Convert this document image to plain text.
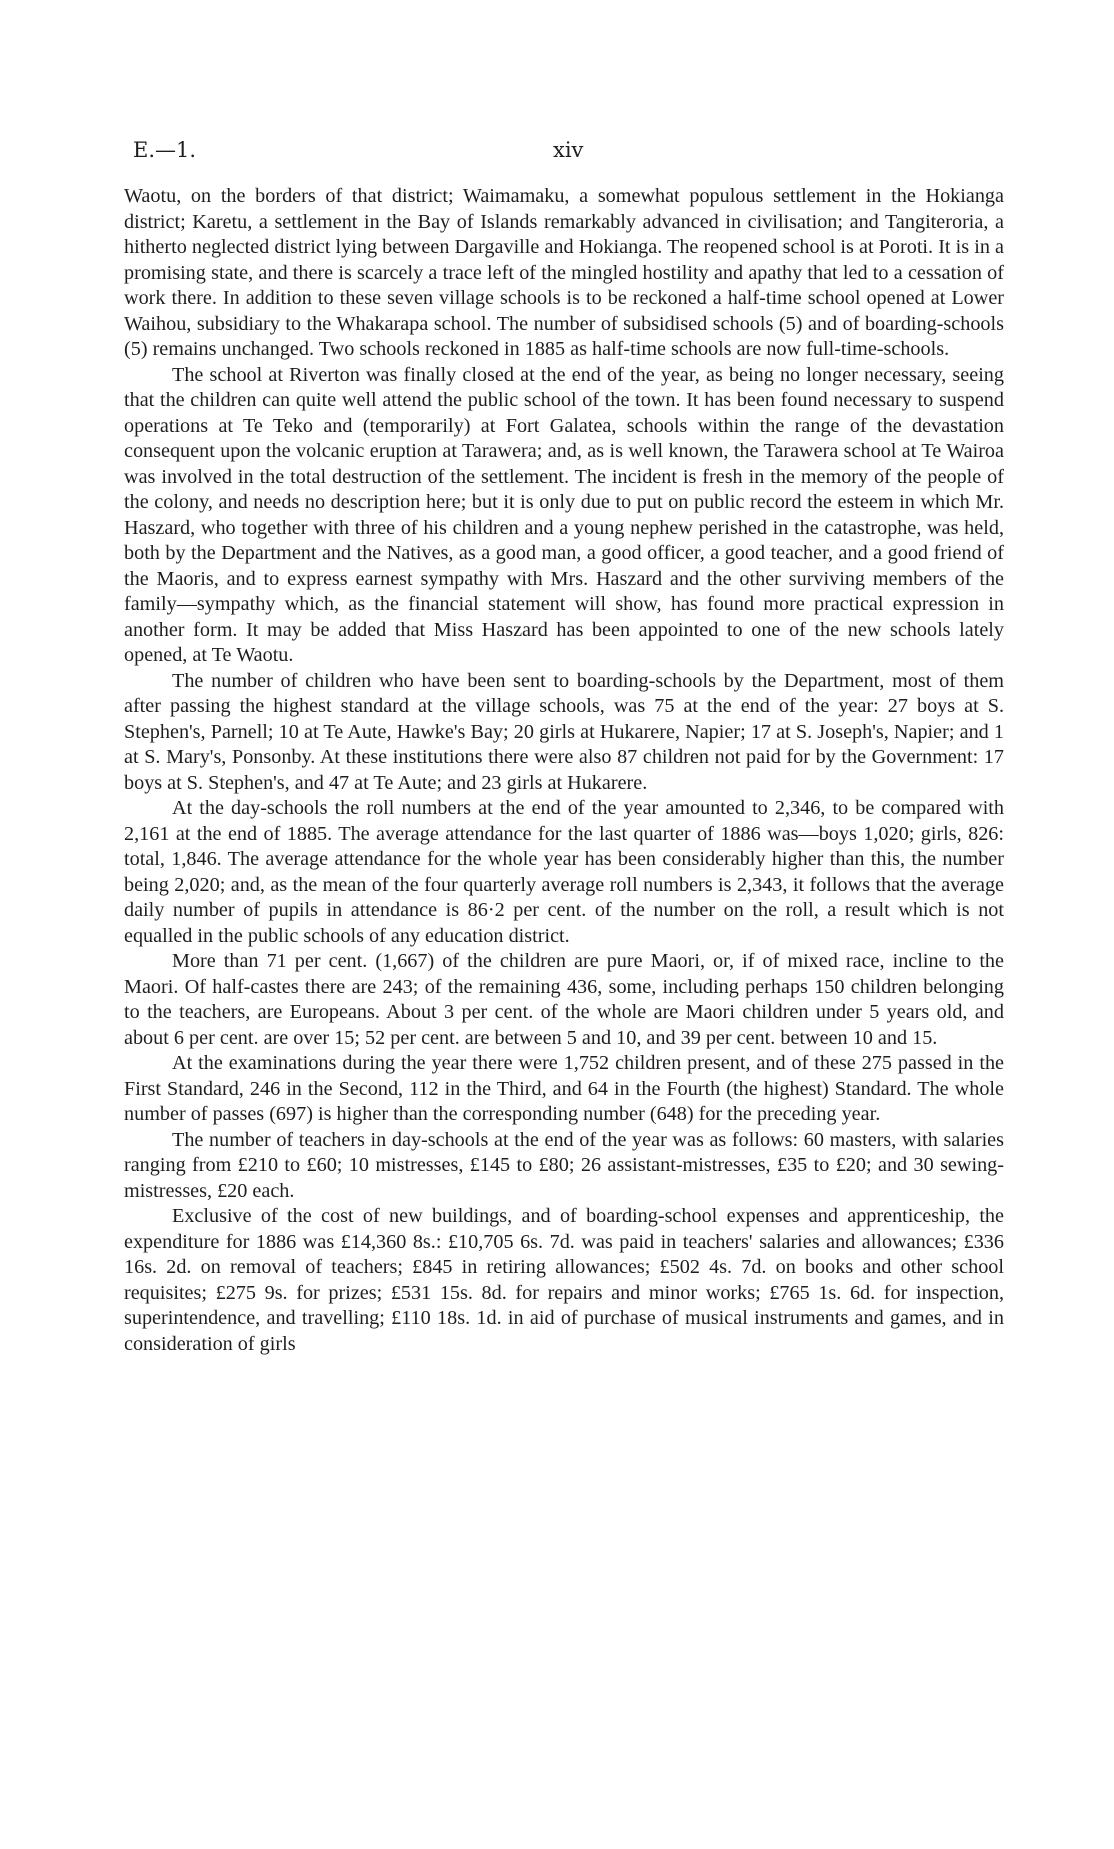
E.—1.	xiv

Waotu, on the borders of that district; Waimamaku, a somewhat populous settlement in the Hokianga district; Karetu, a settlement in the Bay of Islands remarkably advanced in civilisation; and Tangiteroria, a hitherto neglected district lying between Dargaville and Hokianga. The reopened school is at Poroti. It is in a promising state, and there is scarcely a trace left of the mingled hostility and apathy that led to a cessation of work there. In addition to these seven village schools is to be reckoned a half-time school opened at Lower Waihou, subsidiary to the Whakarapa school. The number of subsidised schools (5) and of boarding-schools (5) remains unchanged. Two schools reckoned in 1885 as half-time schools are now full-time-schools.

The school at Riverton was finally closed at the end of the year, as being no longer necessary, seeing that the children can quite well attend the public school of the town. It has been found necessary to suspend operations at Te Teko and (temporarily) at Fort Galatea, schools within the range of the devastation consequent upon the volcanic eruption at Tarawera; and, as is well known, the Tarawera school at Te Wairoa was involved in the total destruction of the settlement. The incident is fresh in the memory of the people of the colony, and needs no description here; but it is only due to put on public record the esteem in which Mr. Haszard, who together with three of his children and a young nephew perished in the catastrophe, was held, both by the Department and the Natives, as a good man, a good officer, a good teacher, and a good friend of the Maoris, and to express earnest sympathy with Mrs. Haszard and the other surviving members of the family—sympathy which, as the financial statement will show, has found more practical expression in another form. It may be added that Miss Haszard has been appointed to one of the new schools lately opened, at Te Waotu.

The number of children who have been sent to boarding-schools by the Department, most of them after passing the highest standard at the village schools, was 75 at the end of the year: 27 boys at S. Stephen's, Parnell; 10 at Te Aute, Hawke's Bay; 20 girls at Hukarere, Napier; 17 at S. Joseph's, Napier; and 1 at S. Mary's, Ponsonby. At these institutions there were also 87 children not paid for by the Government: 17 boys at S. Stephen's, and 47 at Te Aute; and 23 girls at Hukarere.

At the day-schools the roll numbers at the end of the year amounted to 2,346, to be compared with 2,161 at the end of 1885. The average attendance for the last quarter of 1886 was—boys 1,020; girls, 826: total, 1,846. The average attendance for the whole year has been considerably higher than this, the number being 2,020; and, as the mean of the four quarterly average roll numbers is 2,343, it follows that the average daily number of pupils in attendance is 86·2 per cent. of the number on the roll, a result which is not equalled in the public schools of any education district.

More than 71 per cent. (1,667) of the children are pure Maori, or, if of mixed race, incline to the Maori. Of half-castes there are 243; of the remaining 436, some, including perhaps 150 children belonging to the teachers, are Europeans. About 3 per cent. of the whole are Maori children under 5 years old, and about 6 per cent. are over 15; 52 per cent. are between 5 and 10, and 39 per cent. between 10 and 15.

At the examinations during the year there were 1,752 children present, and of these 275 passed in the First Standard, 246 in the Second, 112 in the Third, and 64 in the Fourth (the highest) Standard. The whole number of passes (697) is higher than the corresponding number (648) for the preceding year.

The number of teachers in day-schools at the end of the year was as follows: 60 masters, with salaries ranging from £210 to £60; 10 mistresses, £145 to £80; 26 assistant-mistresses, £35 to £20; and 30 sewing-mistresses, £20 each.

Exclusive of the cost of new buildings, and of boarding-school expenses and apprenticeship, the expenditure for 1886 was £14,360 8s.: £10,705 6s. 7d. was paid in teachers' salaries and allowances; £336 16s. 2d. on removal of teachers; £845 in retiring allowances; £502 4s. 7d. on books and other school requisites; £275 9s. for prizes; £531 15s. 8d. for repairs and minor works; £765 1s. 6d. for inspection, superintendence, and travelling; £110 18s. 1d. in aid of purchase of musical instruments and games, and in consideration of girls
